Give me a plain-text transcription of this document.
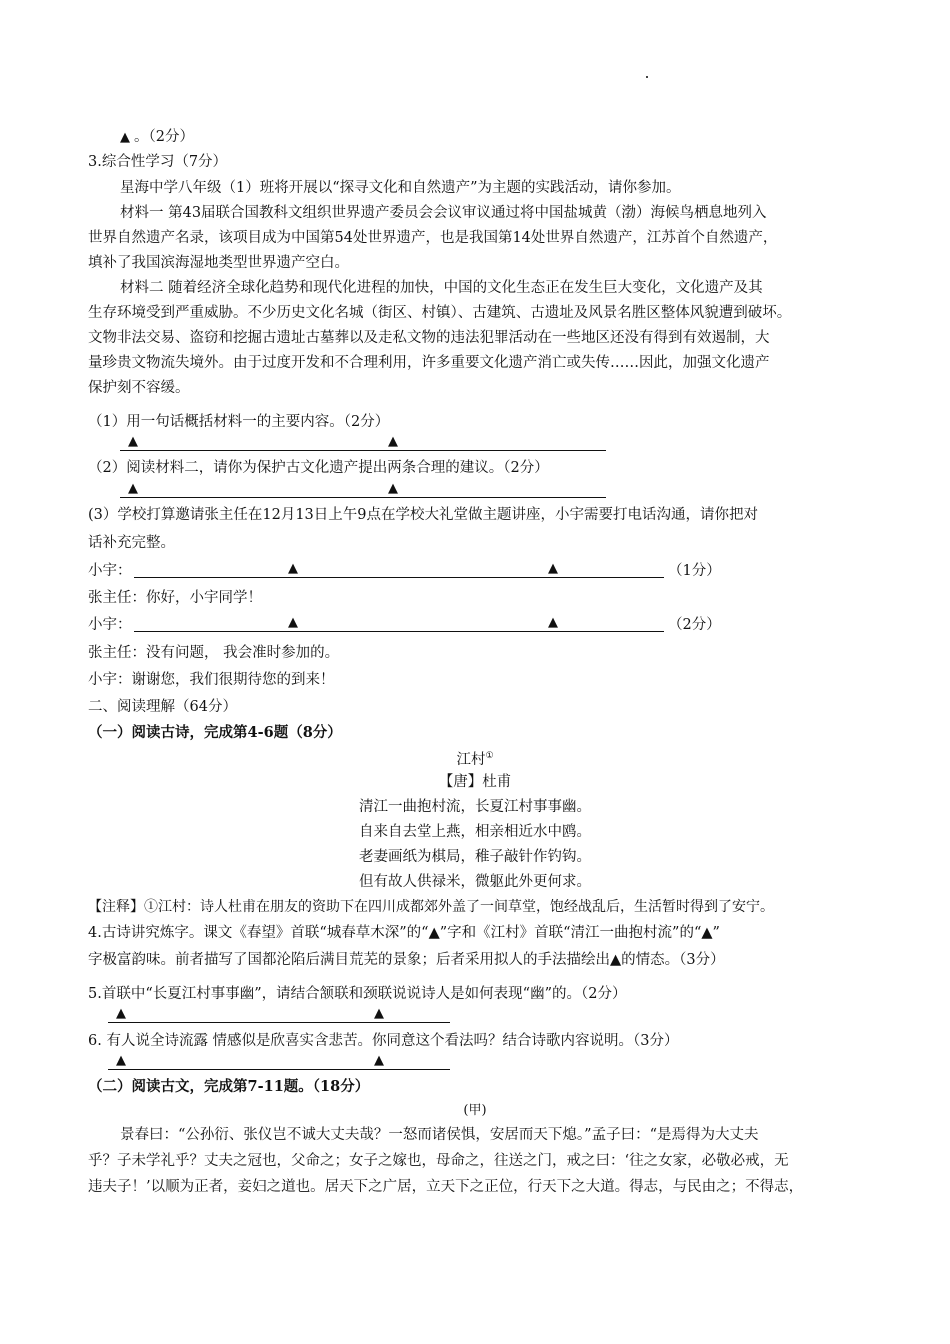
▲ 。（2分）
3.综合性学习（7分）
星海中学八年级（1）班将开展以“探寻文化和自然遗产”为主题的实践活动，请你参加。
材料一 第43届联合国教科文组织世界遗产委员会会议审议通过将中国盐城黄（渤）海候鸟栖息地列入
世界自然遗产名录，该项目成为中国第54处世界遗产，也是我国第14处世界自然遗产，江苏首个自然遗产，
填补了我国滨海湿地类型世界遗产空白。
材料二 随着经济全球化趋势和现代化进程的加快，中国的文化生态正在发生巨大变化，文化遗产及其
生存环境受到严重威胁。不少历史文化名城（街区、村镇）、古建筑、古遗址及风景名胜区整体风貌遭到破坏。
文物非法交易、盗窃和挖掘古遗址古墓葬以及走私文物的违法犯罪活动在一些地区还没有得到有效遏制，大
量珍贵文物流失境外。由于过度开发和不合理利用，许多重要文化遗产消亡或失传……因此，加强文化遗产
保护刻不容缓。
（1）用一句话概括材料一的主要内容。（2分）
▲	▲
（2）阅读材料二，请你为保护古文化遗产提出两条合理的建议。（2分）
▲	▲
(3）学校打算邀请张主任在12月13日上午9点在学校大礼堂做主题讲座，小宇需要打电话沟通，请你把对
话补充完整。
小宇：	▲	▲	（1分）
张主任：你好，小宇同学！
小宇：	▲	▲	（2分）
张主任：没有问题， 我会准时参加的。
小宇：谢谢您，我们很期待您的到来！
二、阅读理解（64分）
（一）阅读古诗，完成第4-6题（8分）
江村①
【唐】杜甫
清江一曲抱村流，长夏江村事事幽。
自来自去堂上燕，相亲相近水中鸥。
老妻画纸为棋局，稚子敲针作钓钩。
但有故人供禄米，微躯此外更何求。
【注释】①江村：诗人杜甫在朋友的资助下在四川成都郊外盖了一间草堂，饱经战乱后，生活暂时得到了安宁。
4.古诗讲究炼字。课文《春望》首联“城春草木深”的“▲”字和《江村》首联“清江一曲抱村流”的“▲”
字极富韵味。前者描写了国都沦陷后满目荒芜的景象；后者采用拟人的手法描绘出▲的情态。（3分）
5.首联中“长夏江村事事幽”，请结合颔联和颈联说说诗人是如何表现“幽”的。（2分）
▲	▲
6. 有人说全诗流露 情感似是欣喜实含悲苦。你同意这个看法吗？结合诗歌内容说明。（3分）
▲	▲
（二）阅读古文，完成第7-11题。（18分）
(甲)
景春曰：“公孙衍、张仪岂不诚大丈夫哉？一怒而诸侯惧，安居而天下熄。”孟子曰：“是焉得为大丈夫
乎？子未学礼乎？丈夫之冠也，父命之；女子之嫁也，母命之，往送之门，戒之曰：‘往之女家，必敬必戒，无
违夫子！’以顺为正者，妾妇之道也。居天下之广居，立天下之正位，行天下之大道。得志，与民由之；不得志，
